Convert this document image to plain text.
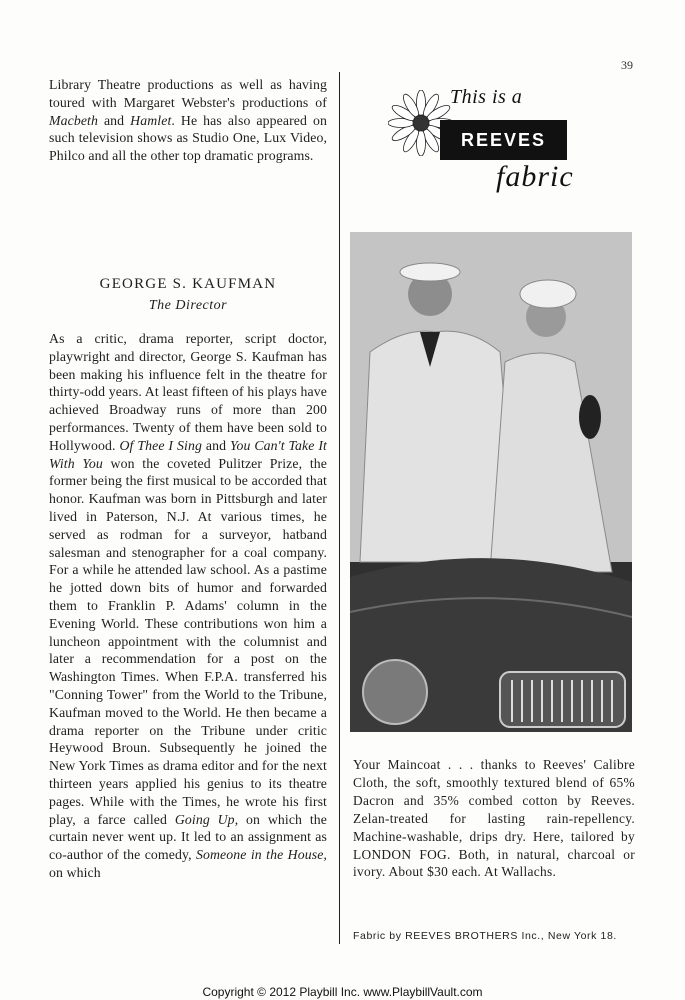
39

Library Theatre productions as well as having toured with Margaret Webster's productions of Macbeth and Hamlet. He has also appeared on such television shows as Studio One, Lux Video, Philco and all the other top dramatic programs.

GEORGE S. KAUFMAN

The Director

As a critic, drama reporter, script doctor, playwright and director, George S. Kaufman has been making his influence felt in the theatre for thirty-odd years. At least fifteen of his plays have achieved Broadway runs of more than 200 performances. Twenty of them have been sold to Hollywood. Of Thee I Sing and You Can't Take It With You won the coveted Pulitzer Prize, the former being the first musical to be accorded that honor. Kaufman was born in Pittsburgh and later lived in Paterson, N.J. At various times, he served as rodman for a surveyor, hatband salesman and stenographer for a coal company. For a while he attended law school. As a pastime he jotted down bits of humor and forwarded them to Franklin P. Adams' column in the Evening World. These contributions won him a luncheon appointment with the columnist and later a recommendation for a post on the Washington Times. When F.P.A. transferred his "Conning Tower" from the World to the Tribune, Kaufman moved to the World. He then became a drama reporter on the Tribune under critic Heywood Broun. Subsequently he joined the New York Times as drama editor and for the next thirteen years applied his genius to its theatre pages. While with the Times, he wrote his first play, a farce called Going Up, on which the curtain never went up. It led to an assignment as co-author of the comedy, Someone in the House, on which

This is a
REEVES
fabric

Your Maincoat . . . thanks to Reeves' Calibre Cloth, the soft, smoothly textured blend of 65% Dacron and 35% combed cotton by Reeves. Zelan-treated for lasting rain-repellency. Machine-washable, drips dry. Here, tailored by LONDON FOG. Both, in natural, charcoal or ivory. About $30 each. At Wallachs.

Fabric by REEVES BROTHERS Inc., New York 18.

Copyright © 2012 Playbill Inc. www.PlaybillVault.com
